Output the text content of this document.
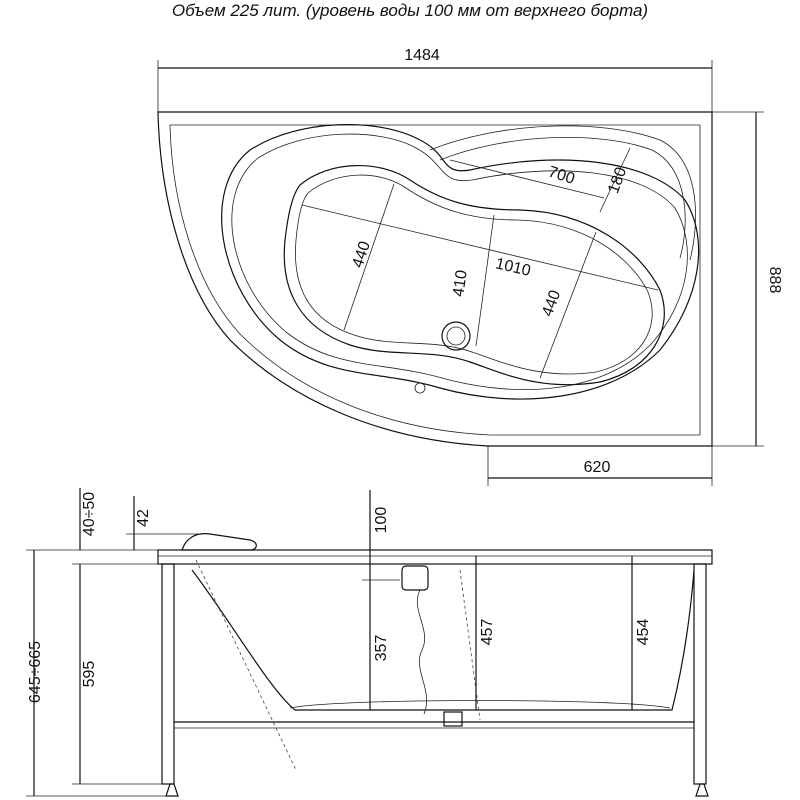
Объем 225 лит. (уровень воды 100 мм от верхнего борта)
1484
888
620
1010
440
410
440
700 180
645÷665 595
40÷50 42	100
357
457	454
